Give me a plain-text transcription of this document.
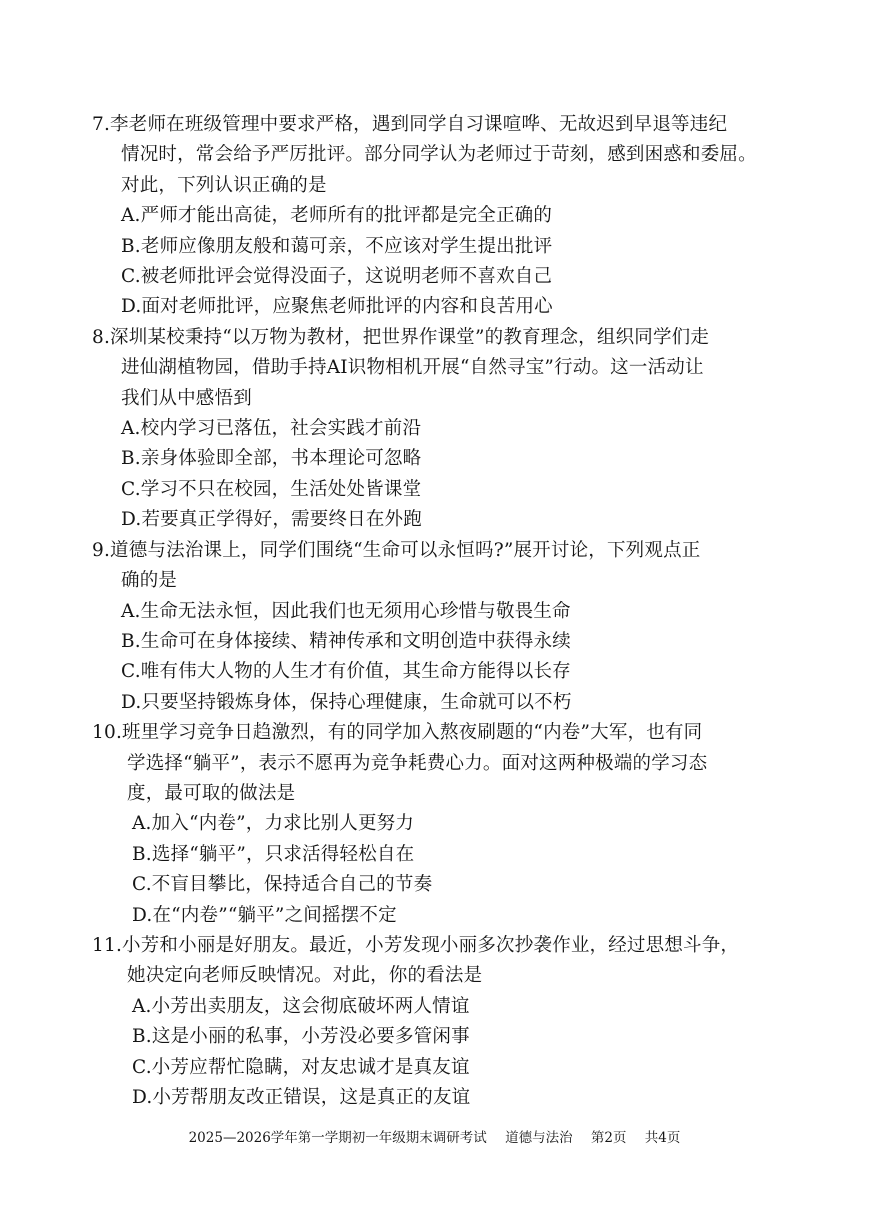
7.李老师在班级管理中要求严格，遇到同学自习课喧哗、无故迟到早退等违纪
情况时，常会给予严厉批评。部分同学认为老师过于苛刻，感到困惑和委屈。
对此，下列认识正确的是
A.严师才能出高徒，老师所有的批评都是完全正确的
B.老师应像朋友般和蔼可亲，不应该对学生提出批评
C.被老师批评会觉得没面子，这说明老师不喜欢自己
D.面对老师批评，应聚焦老师批评的内容和良苦用心
8.深圳某校秉持“以万物为教材，把世界作课堂”的教育理念，组织同学们走
进仙湖植物园，借助手持AI识物相机开展“自然寻宝”行动。这一活动让
我们从中感悟到
A.校内学习已落伍，社会实践才前沿
B.亲身体验即全部，书本理论可忽略
C.学习不只在校园，生活处处皆课堂
D.若要真正学得好，需要终日在外跑
9.道德与法治课上，同学们围绕“生命可以永恒吗?”展开讨论，下列观点正
确的是
A.生命无法永恒，因此我们也无须用心珍惜与敬畏生命
B.生命可在身体接续、精神传承和文明创造中获得永续
C.唯有伟大人物的人生才有价值，其生命方能得以长存
D.只要坚持锻炼身体，保持心理健康，生命就可以不朽
10.班里学习竞争日趋激烈，有的同学加入熬夜刷题的“内卷”大军，也有同
学选择“躺平”，表示不愿再为竞争耗费心力。面对这两种极端的学习态
度，最可取的做法是
A.加入“内卷”，力求比别人更努力
B.选择“躺平”，只求活得轻松自在
C.不盲目攀比，保持适合自己的节奏
D.在“内卷”“躺平”之间摇摆不定
11.小芳和小丽是好朋友。最近，小芳发现小丽多次抄袭作业，经过思想斗争，
她决定向老师反映情况。对此，你的看法是
A.小芳出卖朋友，这会彻底破坏两人情谊
B.这是小丽的私事，小芳没必要多管闲事
C.小芳应帮忙隐瞒，对友忠诚才是真友谊
D.小芳帮朋友改正错误，这是真正的友谊
2025—2026学年第一学期初一年级期末调研考试 道德与法治 第2页 共4页
